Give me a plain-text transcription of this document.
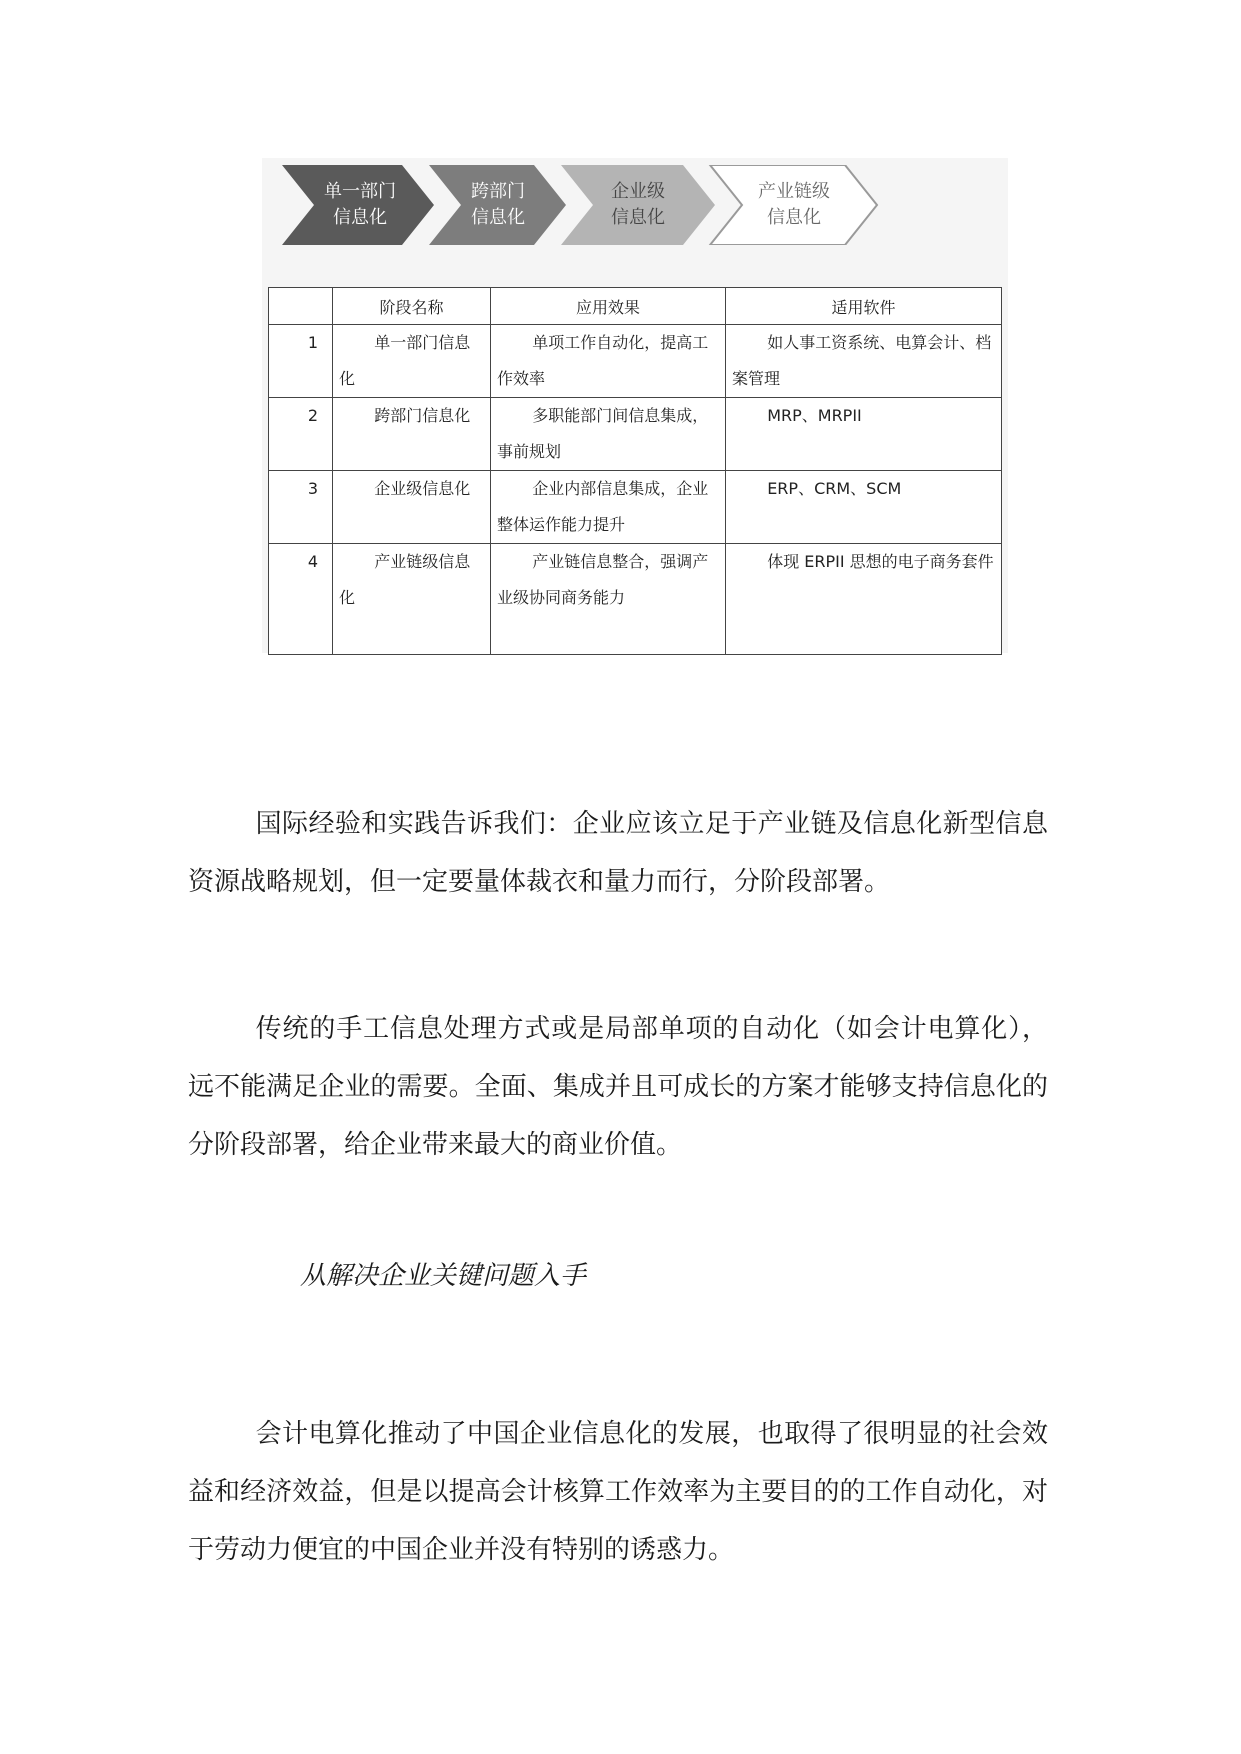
单一部门
信息化
跨部门
信息化
企业级
信息化
产业链级
信息化
	阶段名称	应用效果	适用软件
1	单一部门信息化	单项工作自动化，提高工作效率	如人事工资系统、电算会计、档案管理
2	跨部门信息化	多职能部门间信息集成，事前规划	MRP、MRPII
3	企业级信息化	企业内部信息集成，企业整体运作能力提升	ERP、CRM、SCM
4	产业链级信息化	产业链信息整合，强调产业级协同商务能力	体现 ERPII 思想的电子商务套件

国际经验和实践告诉我们：企业应该立足于产业链及信息化新型信息资源战略规划，但一定要量体裁衣和量力而行，分阶段部署。

传统的手工信息处理方式或是局部单项的自动化（如会计电算化），远不能满足企业的需要。全面、集成并且可成长的方案才能够支持信息化的分阶段部署，给企业带来最大的商业价值。

从解决企业关键问题入手

会计电算化推动了中国企业信息化的发展，也取得了很明显的社会效益和经济效益，但是以提高会计核算工作效率为主要目的的工作自动化，对于劳动力便宜的中国企业并没有特别的诱惑力。
